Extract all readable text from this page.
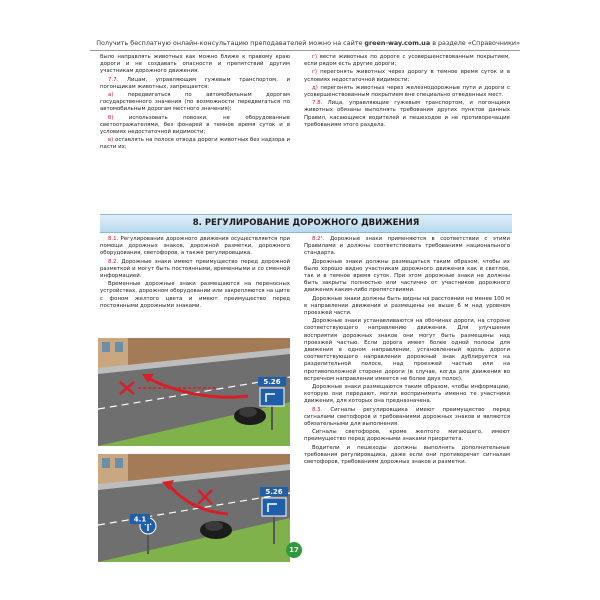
Получить бесплатную онлайн-консультацию преподавателей можно на сайте green-way.com.ua в разделе «Справочники»

было направлять животных как можно ближе к правому краю дороги и не создавать опасности и препятствий другим участникам дорожного движения.

7.7. Лицам, управляющим гужевым транспортом, и погонщикам животных, запрещается:

а) передвигаться по автомобильным дорогам государственного значения (по возможности передвигаться по автомобильным дорогам местного значения);

б) использовать повозки, не оборудованные светоотражателями, без фонарей в темное время суток и в условиях недостаточной видимости;

в) оставлять на полосе отвода дороги животных без надзора и пасти их;

г) вести животных по дороге с усовершенствованным покрытием, если рядом есть другие дороги;

ґ) перегонять животных через дорогу в темное время суток и в условиях недостаточной видимости;

д) перегонять животных через железнодорожные пути и дороги с усовершенствованным покрытием вне специально отведенных мест.

7.8. Лица, управляющие гужевым транспортом, и погонщики животных обязаны выполнять требования других пунктов данных Правил, касающиеся водителей и пешеходов и не противоречащие требованиям этого раздела.

8. РЕГУЛИРОВАНИЕ ДОРОЖНОГО ДВИЖЕНИЯ

8.1. Регулирование дорожного движения осуществляется при помощи дорожных знаков, дорожной разметки, дорожного оборудования, светофоров, а также регулировщика.

8.2. Дорожные знаки имеют преимущество перед дорожной разметкой и могут быть постоянными, временными и со сменной информацией.

Временные дорожные знаки размещаются на переносных устройствах, дорожном оборудовании или закрепляются на щите с фоном желтого цвета и имеют преимущество перед постоянными дорожными знаками.

5.26
5.26
4.1

8.2¹. Дорожные знаки применяются в соответствии с этими Правилами и должны соответствовать требованиям национального стандарта.

Дорожные знаки должны размещаться таким образом, чтобы их было хорошо видно участникам дорожного движения как в светлое, так и в темное время суток. При этом дорожные знаки не должны быть закрыты полностью или частично от участников дорожного движения каким-либо препятствиями.

Дорожные знаки должны быть видны на расстоянии не менее 100 м в направлении движения и размещены не выше 6 м над уровнем проезжей части.

Дорожные знаки устанавливаются на обочинах дороги, на стороне соответствующего направлению движения. Для улучшения восприятия дорожных знаков они могут быть размещены над проезжей частью. Если дорога имеет более одной полосы для движения в одном направлении, установленный вдоль дороги соответствующего направления дорожный знак дублируется на разделительной полосе, над проезжей частью или на противоположной стороне дороги (в случае, когда для движения во встречном направлении имеется не более двух полос).

Дорожные знаки размещаются таким образом, чтобы информацию, которую они передают, могли воспринимать именно те участники движения, для которых она предназначена.

8.3. Сигналы регулировщика имеют преимущество перед сигналами светофоров и требованиями дорожных знаков и являются обязательными для выполнения.

Сигналы светофоров, кроме желтого мигающего, имеют преимущество перед дорожными знаками приоритета.

Водители и пешеходы должны выполнять дополнительные требования регулировщика, даже если они противоречат сигналам светофоров, требованиям дорожных знаков и разметки.

17
